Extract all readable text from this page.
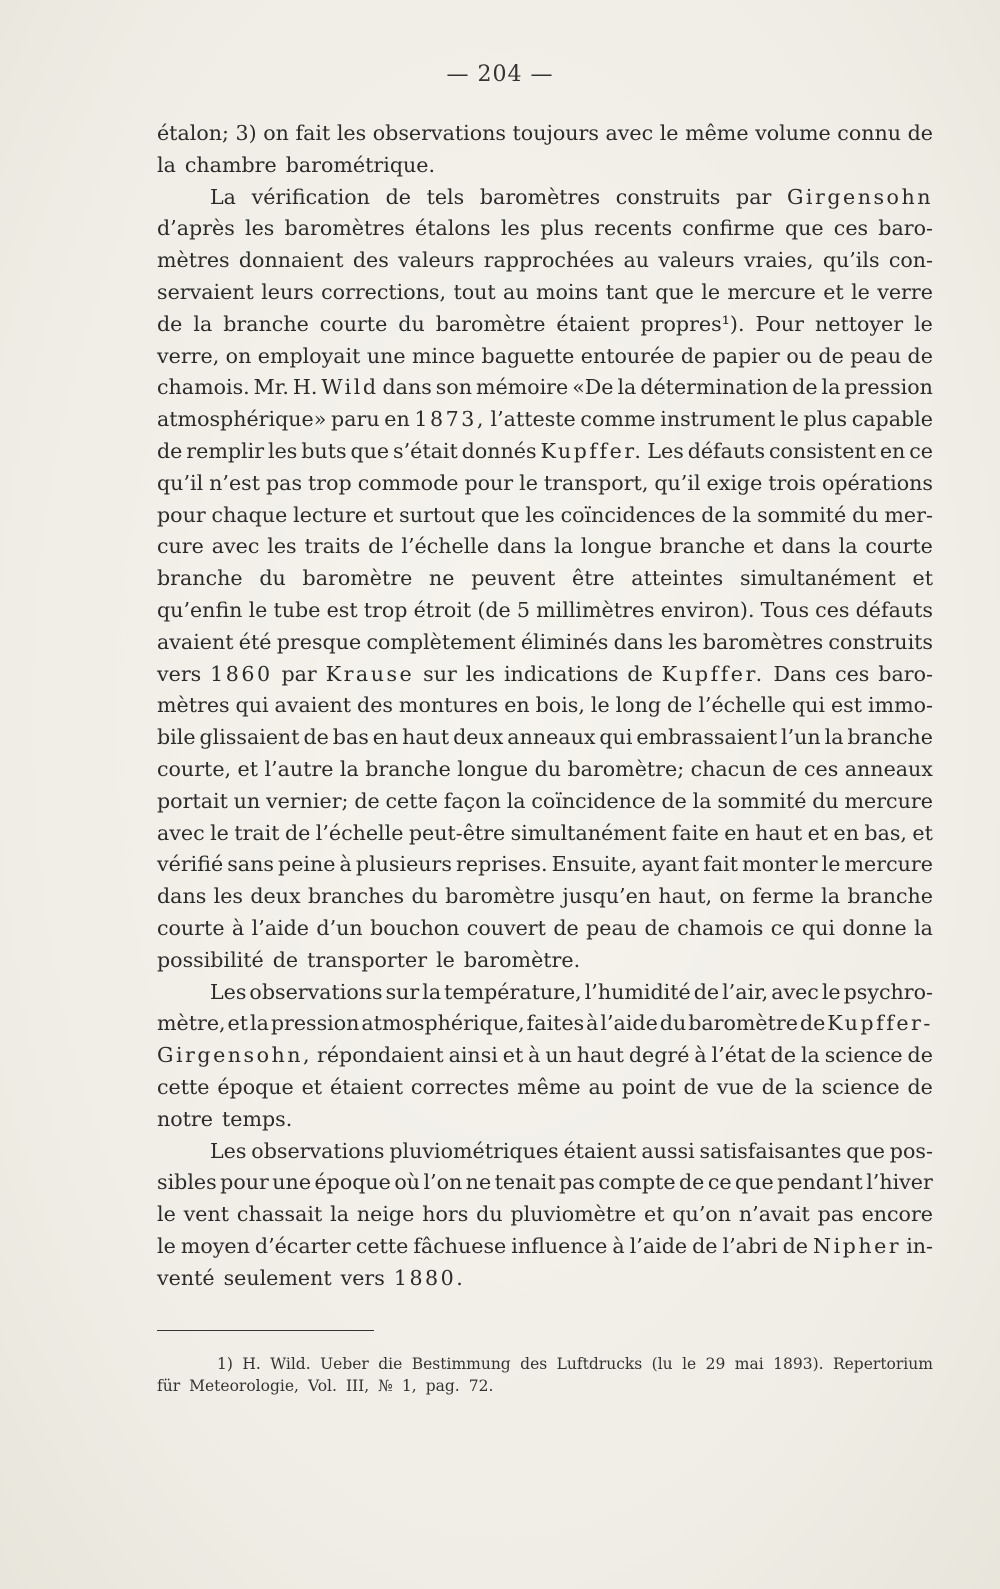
— 204 —
étalon; 3) on fait les observations toujours avec le même volume connu de
la chambre barométrique.
La vérification de tels baromètres construits par Girgensohn
d’après les baromètres étalons les plus recents confirme que ces baro-
mètres donnaient des valeurs rapprochées au valeurs vraies, qu’ils con-
servaient leurs corrections, tout au moins tant que le mercure et le verre
de la branche courte du baromètre étaient propres¹). Pour nettoyer le
verre, on employait une mince baguette entourée de papier ou de peau de
chamois. Mr. H. Wild dans son mémoire «De la détermination de la pression
atmosphérique» paru en 1873, l’atteste comme instrument le plus capable
de remplir les buts que s’était donnés Kupffer. Les défauts consistent en ce
qu’il n’est pas trop commode pour le transport, qu’il exige trois opérations
pour chaque lecture et surtout que les coïncidences de la sommité du mer-
cure avec les traits de l’échelle dans la longue branche et dans la courte
branche du baromètre ne peuvent être atteintes simultanément et
qu’enfin le tube est trop étroit (de 5 millimètres environ). Tous ces défauts
avaient été presque complètement éliminés dans les baromètres construits
vers 1860 par Krause sur les indications de Kupffer. Dans ces baro-
mètres qui avaient des montures en bois, le long de l’échelle qui est immo-
bile glissaient de bas en haut deux anneaux qui embrassaient l’un la branche
courte, et l’autre la branche longue du baromètre; chacun de ces anneaux
portait un vernier; de cette façon la coïncidence de la sommité du mercure
avec le trait de l’échelle peut-être simultanément faite en haut et en bas, et
vérifié sans peine à plusieurs reprises. Ensuite, ayant fait monter le mercure
dans les deux branches du baromètre jusqu’en haut, on ferme la branche
courte à l’aide d’un bouchon couvert de peau de chamois ce qui donne la
possibilité de transporter le baromètre.
Les observations sur la température, l’humidité de l’air, avec le psychro-
mètre, et la pression atmosphérique, faites à l’aide du baromètre de Kupffer-
Girgensohn, répondaient ainsi et à un haut degré à l’état de la science de
cette époque et étaient correctes même au point de vue de la science de
notre temps.
Les observations pluviométriques étaient aussi satisfaisantes que pos-
sibles pour une époque où l’on ne tenait pas compte de ce que pendant l’hiver
le vent chassait la neige hors du pluviomètre et qu’on n’avait pas encore
le moyen d’écarter cette fâchuese influence à l’aide de l’abri de Nipher in-
venté seulement vers 1880.
1) H. Wild. Ueber die Bestimmung des Luftdrucks (lu le 29 mai 1893). Repertorium
für Meteorologie, Vol. III, № 1, pag. 72.
